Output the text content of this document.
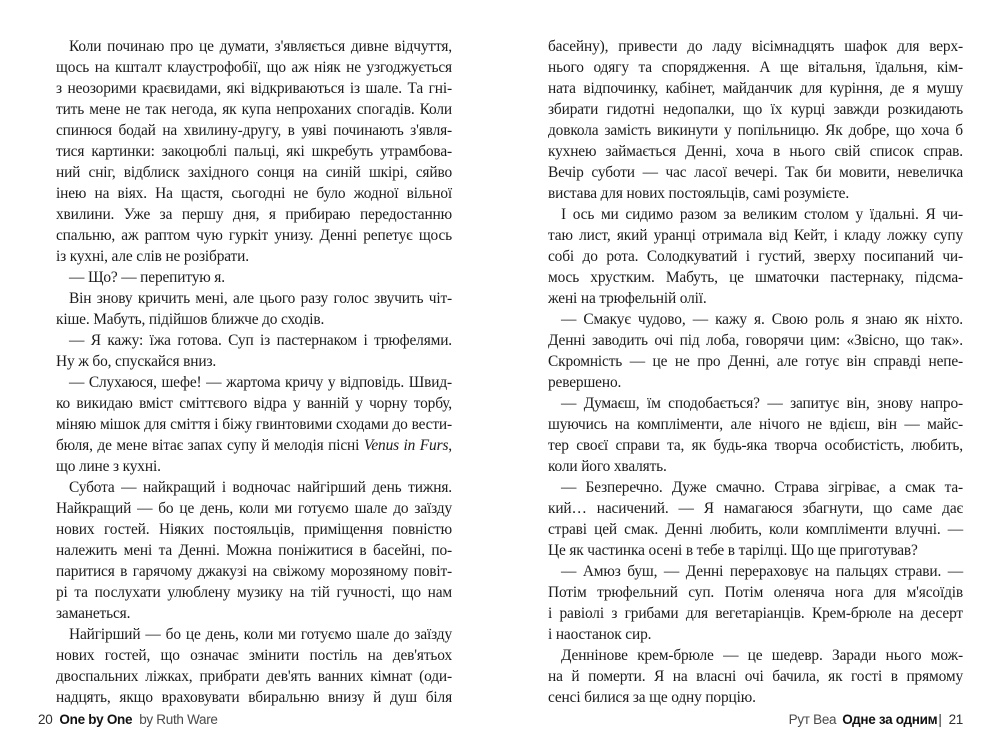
Коли починаю про це думати, з'являється дивне відчуття,
щось на кшталт клаустрофобії, що аж ніяк не узгоджується
з неозорими краєвидами, які відкриваються із шале. Та гні-
тить мене не так негода, як купа непроханих спогадів. Коли
спинюся бодай на хвилину-другу, в уяві починають з'явля-
тися картинки: закоцюблі пальці, які шкребуть утрамбова-
ний сніг, відблиск західного сонця на синій шкірі, сяйво
інею на віях. На щастя, сьогодні не було жодної вільної
хвилини. Уже за першу дня, я прибираю передостанню
спальню, аж раптом чую гуркіт унизу. Денні репетує щось
із кухні, але слів не розібрати.
— Що? — перепитую я.
Він знову кричить мені, але цього разу голос звучить чіт-
кіше. Мабуть, підійшов ближче до сходів.
— Я кажу: їжа готова. Суп із пастернаком і трюфелями.
Ну ж бо, спускайся вниз.
— Слухаюся, шефе! — жартома кричу у відповідь. Швид-
ко викидаю вміст сміттєвого відра у ванній у чорну торбу,
міняю мішок для сміття і біжу гвинтовими сходами до вести-
бюля, де мене вітає запах супу й мелодія пісні Venus in Furs,
що лине з кухні.
Субота — найкращий і водночас найгірший день тижня.
Найкращий — бо це день, коли ми готуємо шале до заїзду
нових гостей. Ніяких постояльців, приміщення повністю
належить мені та Денні. Можна поніжитися в басейні, по-
паритися в гарячому джакузі на свіжому морозяному повіт-
рі та послухати улюблену музику на тій гучності, що нам
заманеться.
Найгірший — бо це день, коли ми готуємо шале до заїзду
нових гостей, що означає змінити постіль на дев'ятьох
двоспальних ліжках, прибрати дев'ять ванних кімнат (оди-
надцять, якщо враховувати вбиральню внизу й душ біля
басейну), привести до ладу вісімнадцять шафок для верх-
нього одягу та спорядження. А ще вітальня, їдальня, кім-
ната відпочинку, кабінет, майданчик для куріння, де я мушу
збирати гидотні недопалки, що їх курці завжди розкидають
довкола замість викинути у попільницю. Як добре, що хоча б
кухнею займається Денні, хоча в нього свій список справ.
Вечір суботи — час ласої вечері. Так би мовити, невеличка
вистава для нових постояльців, самі розумієте.
І ось ми сидимо разом за великим столом у їдальні. Я чи-
таю лист, який уранці отримала від Кейт, і кладу ложку супу
собі до рота. Солодкуватий і густий, зверху посипаний чи-
мось хрустким. Мабуть, це шматочки пастернаку, підсма-
жені на трюфельній олії.
— Смакує чудово, — кажу я. Свою роль я знаю як ніхто.
Денні заводить очі під лоба, говорячи цим: «Звісно, що так».
Скромність — це не про Денні, але готує він справді непе-
ревершено.
— Думаєш, їм сподобається? — запитує він, знову напро-
шуючись на компліменти, але нічого не вдієш, він — майс-
тер своєї справи та, як будь-яка творча особистість, любить,
коли його хвалять.
— Безперечно. Дуже смачно. Страва зігріває, а смак та-
кий… насичений. — Я намагаюся збагнути, що саме дає
страві цей смак. Денні любить, коли компліменти влучні. —
Це як частинка осені в тебе в тарілці. Що ще приготував?
— Амюз буш, — Денні перераховує на пальцях страви. —
Потім трюфельний суп. Потім оленяча нога для м'ясоїдів
і равіолі з грибами для вегетаріанців. Крем-брюле на десерт
і наостанок сир.
Деннінове крем-брюле — це шедевр. Заради нього мож-
на й померти. Я на власні очі бачила, як гості в прямому
сенсі билися за ще одну порцію.
20 One by One by Ruth Ware	Рут Веа Одне за одним| 21
